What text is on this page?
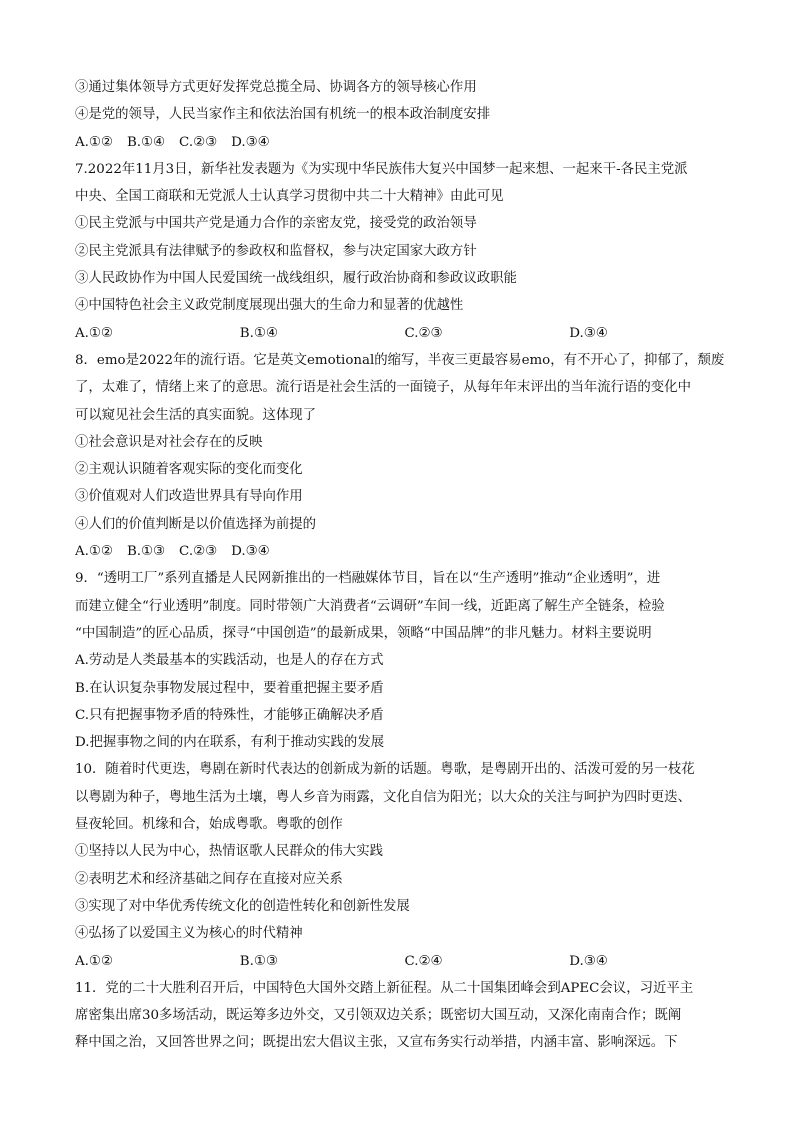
③通过集体领导方式更好发挥党总揽全局、协调各方的领导核心作用
④是党的领导，人民当家作主和依法治国有机统一的根本政治制度安排
A.①② B.①④ C.②③ D.③④
7.2022年11月3日，新华社发表题为《为实现中华民族伟大复兴中国梦一起来想、一起来干-各民主党派
中央、全国工商联和无党派人士认真学习贯彻中共二十大精神》由此可见
①民主党派与中国共产党是通力合作的亲密友党，接受党的政治领导
②民主党派具有法律赋予的参政权和监督权，参与决定国家大政方针
③人民政协作为中国人民爱国统一战线组织，履行政治协商和参政议政职能
④中国特色社会主义政党制度展现出强大的生命力和显著的优越性
A.①②	B.①④	C.②③	D.③④
8．emo是2022年的流行语。它是英文emotional的缩写，半夜三更最容易emo，有不开心了，抑郁了，颓废
了，太难了，情绪上来了的意思。流行语是社会生活的一面镜子，从每年年末评出的当年流行语的变化中
可以窥见社会生活的真实面貌。这体现了
①社会意识是对社会存在的反映
②主观认识随着客观实际的变化而变化
③价值观对人们改造世界具有导向作用
④人们的价值判断是以价值选择为前提的
A.①② B.①③ C.②③ D.③④
9．“透明工厂”系列直播是人民网新推出的一档融媒体节目，旨在以“生产透明”推动“企业透明”，进
而建立健全“行业透明”制度。同时带领广大消费者“云调研”车间一线，近距离了解生产全链条，检验
“中国制造”的匠心品质，探寻“中国创造”的最新成果，领略“中国品牌”的非凡魅力。材料主要说明
A.劳动是人类最基本的实践活动，也是人的存在方式
B.在认识复杂事物发展过程中，要着重把握主要矛盾
C.只有把握事物矛盾的特殊性，才能够正确解决矛盾
D.把握事物之间的内在联系，有利于推动实践的发展
10．随着时代更迭，粤剧在新时代表达的创新成为新的话题。粤歌，是粤剧开出的、活泼可爱的另一枝花
以粤剧为种子，粤地生活为土壤，粤人乡音为雨露，文化自信为阳光；以大众的关注与呵护为四时更迭、
昼夜轮回。机缘和合，始成粤歌。粤歌的创作
①坚持以人民为中心，热情讴歌人民群众的伟大实践
②表明艺术和经济基础之间存在直接对应关系
③实现了对中华优秀传统文化的创造性转化和创新性发展
④弘扬了以爱国主义为核心的时代精神
A.①②	B.①③	C.②④	D.③④
11．党的二十大胜利召开后，中国特色大国外交踏上新征程。从二十国集团峰会到APEC会议，习近平主
席密集出席30多场活动，既运筹多边外交，又引领双边关系；既密切大国互动，又深化南南合作；既阐
释中国之治，又回答世界之问；既提出宏大倡议主张，又宣布务实行动举措，内涵丰富、影响深远。下
